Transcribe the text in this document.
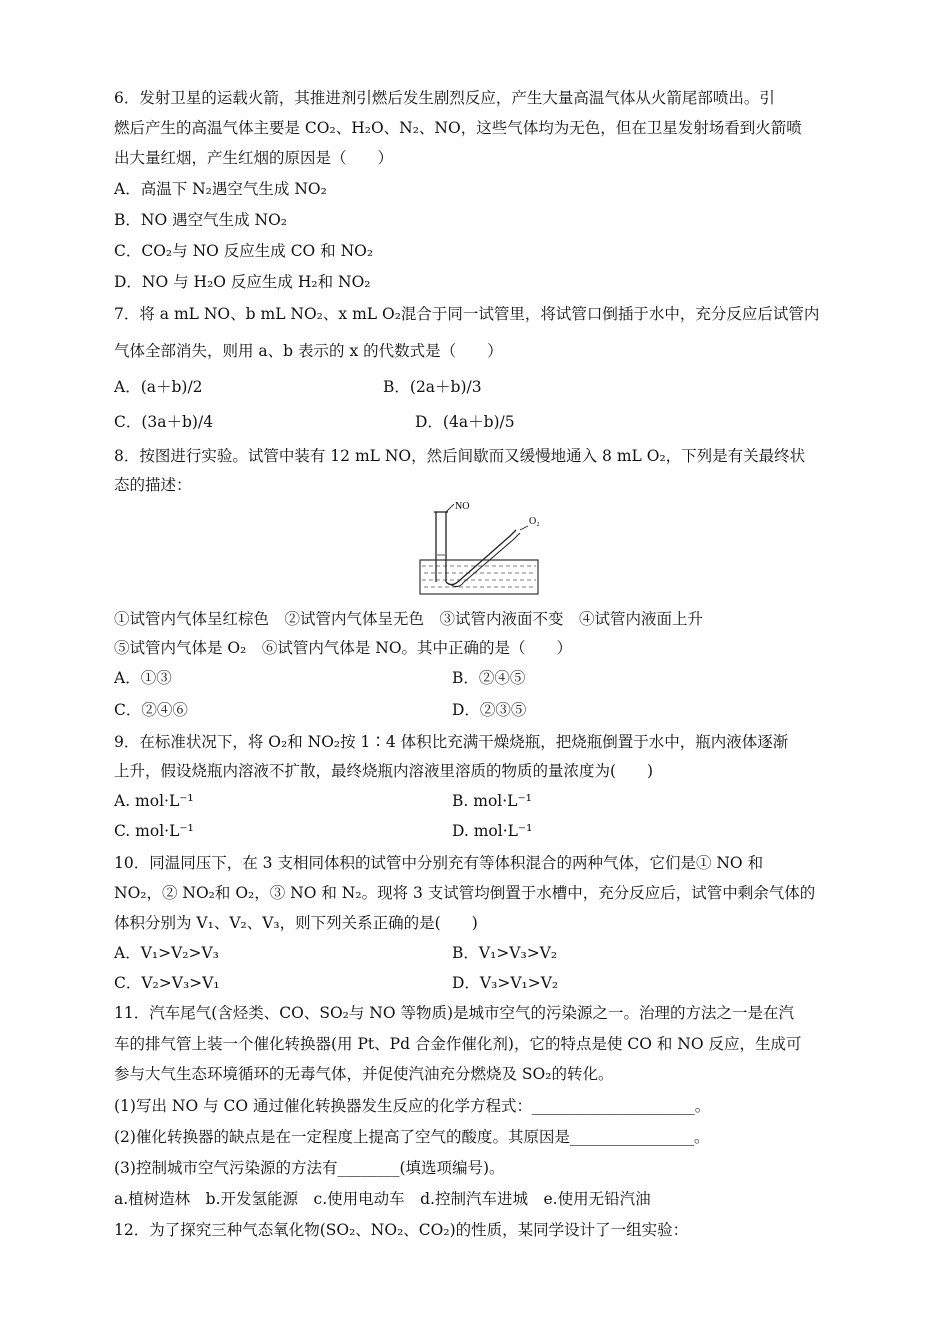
6．发射卫星的运载火箭，其推进剂引燃后发生剧烈反应，产生大量高温气体从火箭尾部喷出。引
燃后产生的高温气体主要是 CO₂、H₂O、N₂、NO，这些气体均为无色，但在卫星发射场看到火箭喷
出大量红烟，产生红烟的原因是（　　）
A．高温下 N₂遇空气生成 NO₂
B．NO 遇空气生成 NO₂
C．CO₂与 NO 反应生成 CO 和 NO₂
D．NO 与 H₂O 反应生成 H₂和 NO₂
7．将 a mL NO、b mL NO₂、x mL O₂混合于同一试管里，将试管口倒插于水中，充分反应后试管内
气体全部消失，则用 a、b 表示的 x 的代数式是（　　）
A．(a＋b)/2	B．(2a＋b)/3
C．(3a＋b)/4	D．(4a＋b)/5
8．按图进行实验。试管中装有 12 mL NO，然后间歇而又缓慢地通入 8 mL O₂，下列是有关最终状
态的描述：
NO
O₂
①试管内气体呈红棕色　②试管内气体呈无色　③试管内液面不变　④试管内液面上升
⑤试管内气体是 O₂　⑥试管内气体是 NO。其中正确的是（　　）
A．①③	B．②④⑤
C．②④⑥	D．②③⑤
9．在标准状况下，将 O₂和 NO₂按 1∶4 体积比充满干燥烧瓶，把烧瓶倒置于水中，瓶内液体逐渐
上升，假设烧瓶内溶液不扩散，最终烧瓶内溶液里溶质的物质的量浓度为(　　)
A. mol·L⁻¹	B. mol·L⁻¹
C. mol·L⁻¹	D. mol·L⁻¹
10．同温同压下，在 3 支相同体积的试管中分别充有等体积混合的两种气体，它们是① NO 和
NO₂，② NO₂和 O₂，③ NO 和 N₂。现将 3 支试管均倒置于水槽中，充分反应后，试管中剩余气体的
体积分别为 V₁、V₂、V₃，则下列关系正确的是(　　)
A．V₁>V₂>V₃	B．V₁>V₃>V₂
C．V₂>V₃>V₁	D．V₃>V₁>V₂
11．汽车尾气(含烃类、CO、SO₂与 NO 等物质)是城市空气的污染源之一。治理的方法之一是在汽
车的排气管上装一个催化转换器(用 Pt、Pd 合金作催化剂)，它的特点是使 CO 和 NO 反应，生成可
参与大气生态环境循环的无毒气体，并促使汽油充分燃烧及 SO₂的转化。
(1)写出 NO 与 CO 通过催化转换器发生反应的化学方程式：_____________________。
(2)催化转换器的缺点是在一定程度上提高了空气的酸度。其原因是________________。
(3)控制城市空气污染源的方法有________(填选项编号)。
a.植树造林　b.开发氢能源　c.使用电动车　d.控制汽车进城　e.使用无铅汽油
12．为了探究三种气态氧化物(SO₂、NO₂、CO₂)的性质，某同学设计了一组实验：
